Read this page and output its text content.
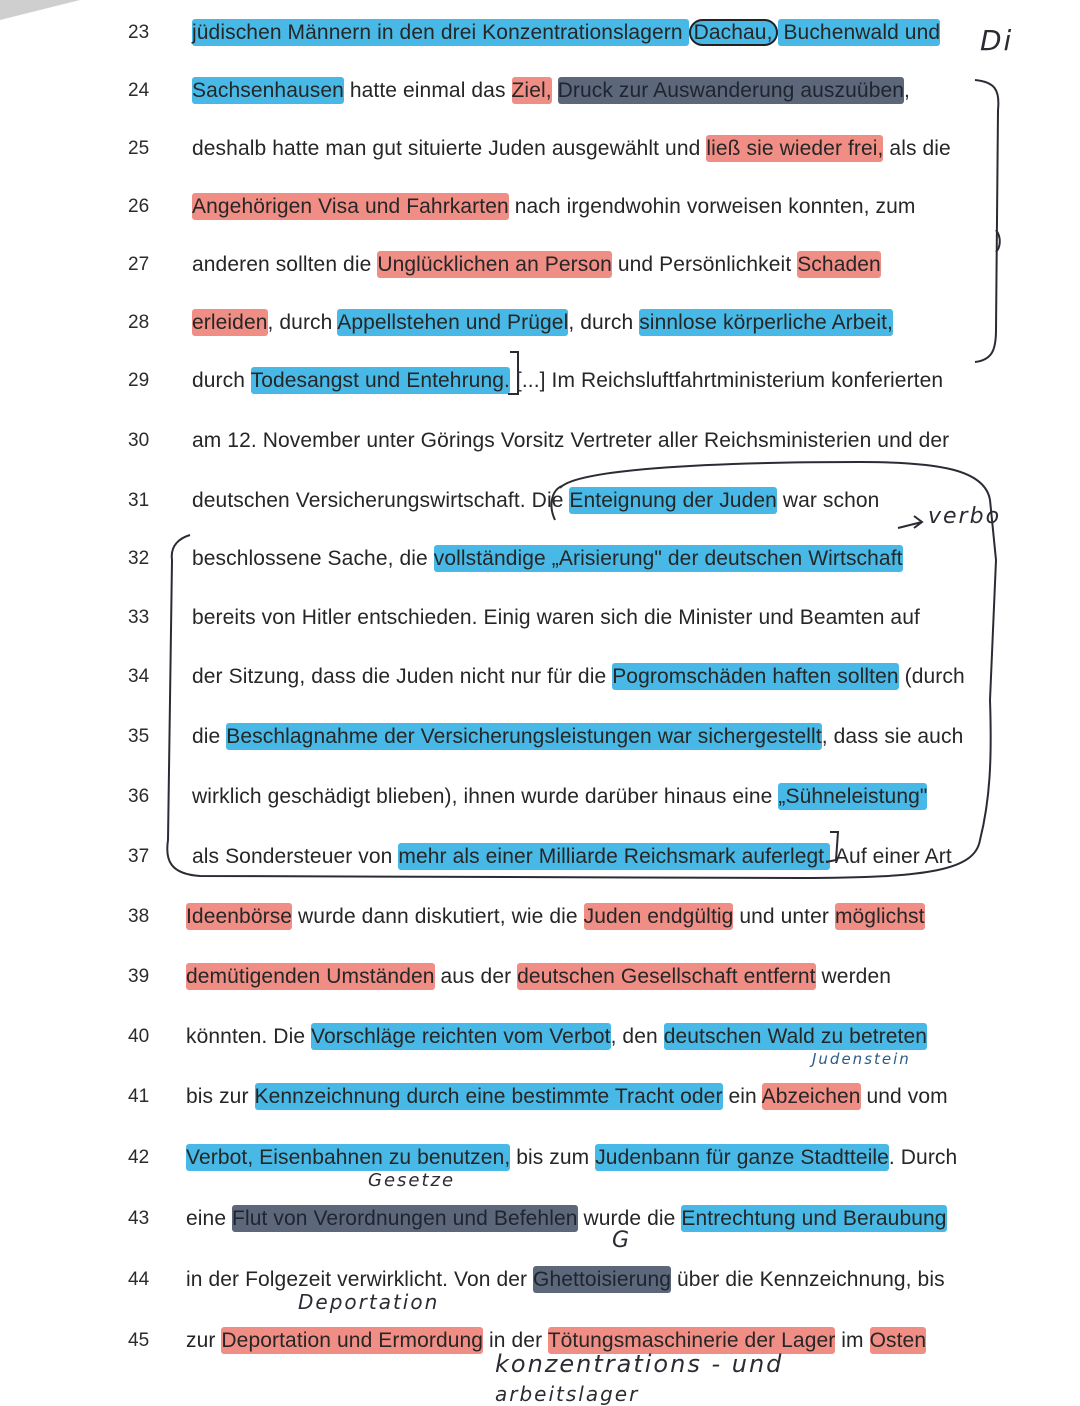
23	jüdischen Männern in den drei Konzentrationslagern Dachau, Buchenwald und
24	Sachsenhausen hatte einmal das Ziel, Druck zur Auswanderung auszuüben,
25	deshalb hatte man gut situierte Juden ausgewählt und ließ sie wieder frei, als die
26	Angehörigen Visa und Fahrkarten nach irgendwohin vorweisen konnten, zum
27	anderen sollten die Unglücklichen an Person und Persönlichkeit Schaden
28	erleiden, durch Appellstehen und Prügel, durch sinnlose körperliche Arbeit,
29	durch Todesangst und Entehrung. [...] Im Reichsluftfahrtministerium konferierten
30	am 12. November unter Görings Vorsitz Vertreter aller Reichsministerien und der
31	deutschen Versicherungswirtschaft. Die Enteignung der Juden war schon
32	beschlossene Sache, die vollständige „Arisierung" der deutschen Wirtschaft
33	bereits von Hitler entschieden. Einig waren sich die Minister und Beamten auf
34	der Sitzung, dass die Juden nicht nur für die Pogromschäden haften sollten (durch
35	die Beschlagnahme der Versicherungsleistungen war sichergestellt, dass sie auch
36	wirklich geschädigt blieben), ihnen wurde darüber hinaus eine „Sühneleistung"
37	als Sondersteuer von mehr als einer Milliarde Reichsmark auferlegt. Auf einer Art
38	Ideenbörse wurde dann diskutiert, wie die Juden endgültig und unter möglichst
39	demütigenden Umständen aus der deutschen Gesellschaft entfernt werden
40	könnten. Die Vorschläge reichten vom Verbot, den deutschen Wald zu betreten
41	bis zur Kennzeichnung durch eine bestimmte Tracht oder ein Abzeichen und vom
42	Verbot, Eisenbahnen zu benutzen, bis zum Judenbann für ganze Stadtteile. Durch
43	eine Flut von Verordnungen und Befehlen wurde die Entrechtung und Beraubung
44	in der Folgezeit verwirklicht. Von der Ghettoisierung über die Kennzeichnung, bis
45	zur Deportation und Ermordung in der Tötungsmaschinerie der Lager im Osten
Di
verbo
Judenstein
Gesetze
G
Deportation
konzentrations - und
arbeitslager
